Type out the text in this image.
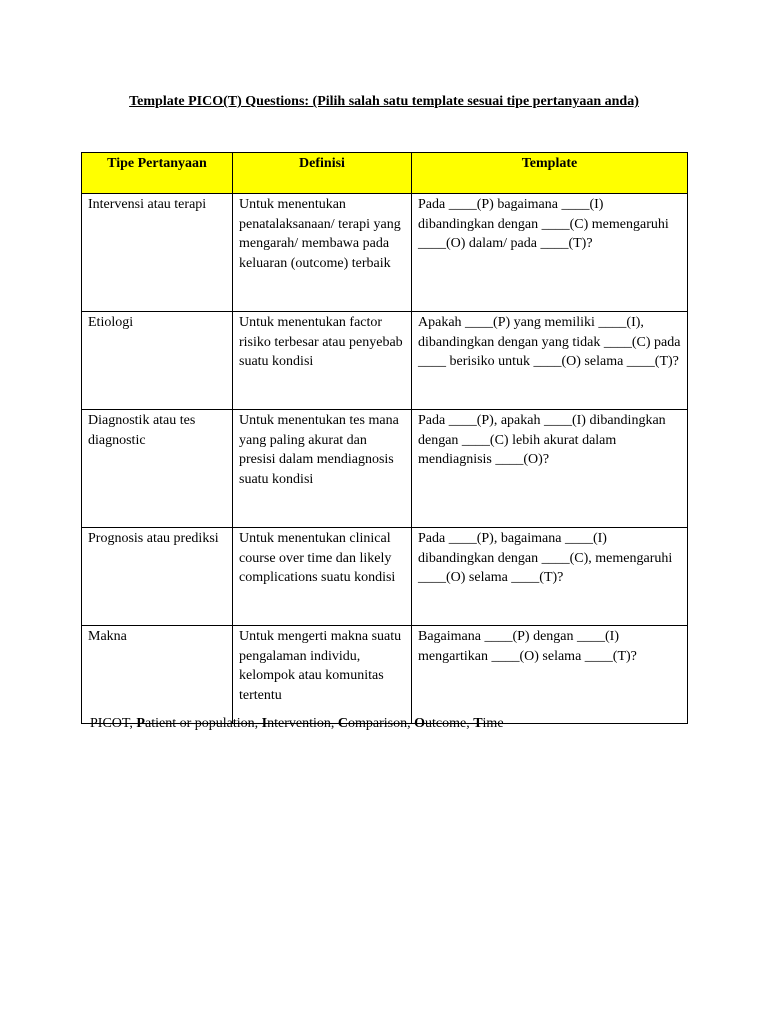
Template PICO(T) Questions: (Pilih salah satu template sesuai tipe pertanyaan anda)
Tipe Pertanyaan	Definisi	Template
Intervensi atau terapi	Untuk menentukan penatalaksanaan/ terapi yang mengarah/ membawa pada keluaran (outcome) terbaik	Pada ____(P) bagaimana ____(I) dibandingkan dengan ____(C) memengaruhi ____(O) dalam/ pada ____(T)?
Etiologi	Untuk menentukan factor risiko terbesar atau penyebab suatu kondisi	Apakah ____(P) yang memiliki ____(I), dibandingkan dengan yang tidak ____(C) pada ____ berisiko untuk ____(O) selama ____(T)?
Diagnostik atau tes diagnostic	Untuk menentukan tes mana yang paling akurat dan presisi dalam mendiagnosis suatu kondisi	Pada ____(P), apakah ____(I) dibandingkan dengan ____(C) lebih akurat dalam mendiagnisis ____(O)?
Prognosis atau prediksi	Untuk menentukan clinical course over time dan likely complications suatu kondisi	Pada ____(P), bagaimana ____(I) dibandingkan dengan ____(C), memengaruhi ____(O) selama ____(T)?
Makna	Untuk mengerti makna suatu pengalaman individu, kelompok atau komunitas tertentu	Bagaimana ____(P) dengan ____(I) mengartikan ____(O) selama ____(T)?
PICOT, Patient or population, Intervention, Comparison, Outcome, Time
